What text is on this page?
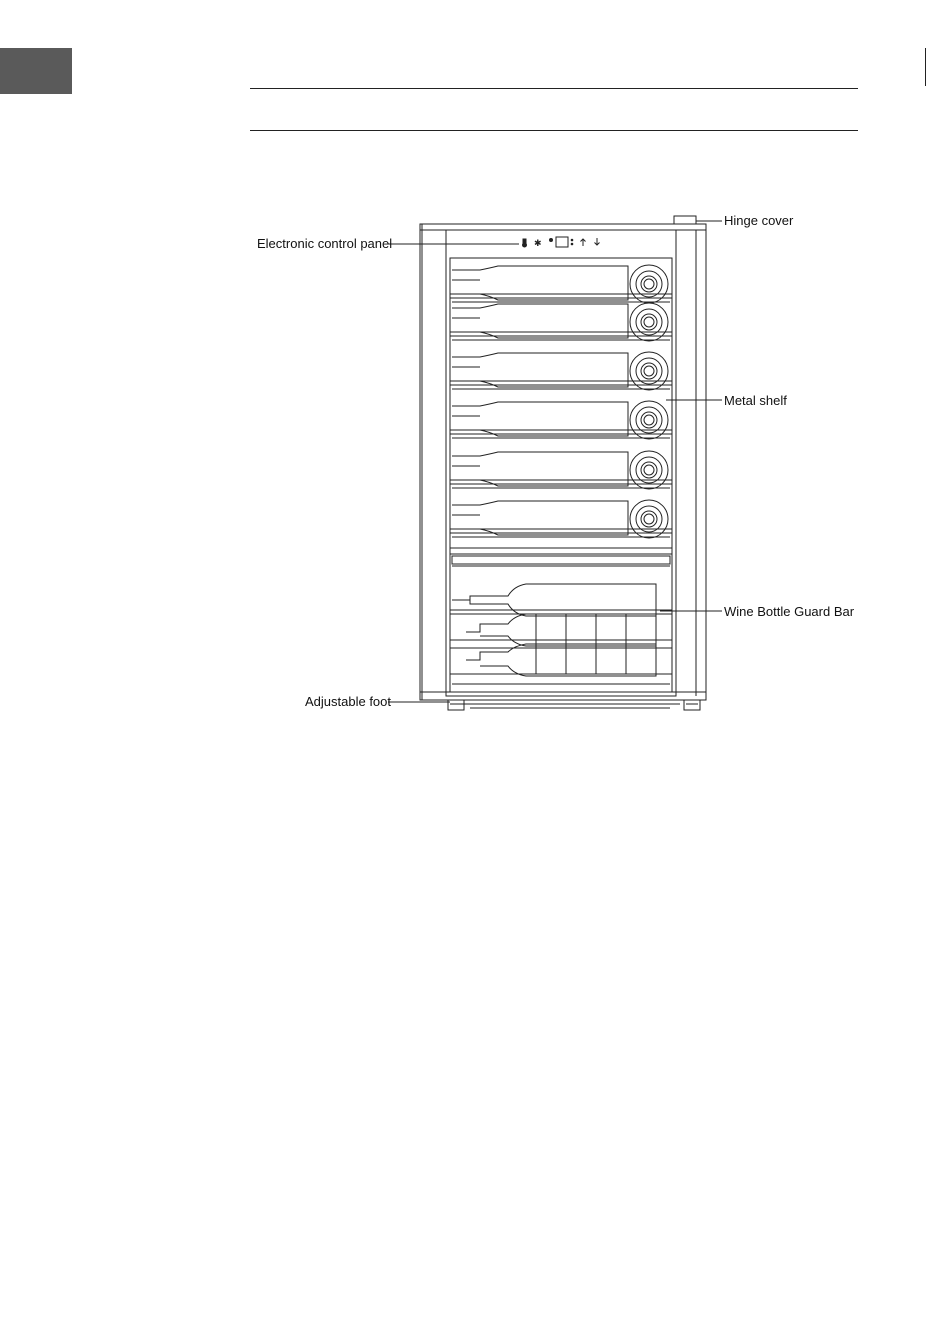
✱
Hinge cover
Electronic control panel
Metal shelf
Wine Bottle Guard Bar
Adjustable foot
